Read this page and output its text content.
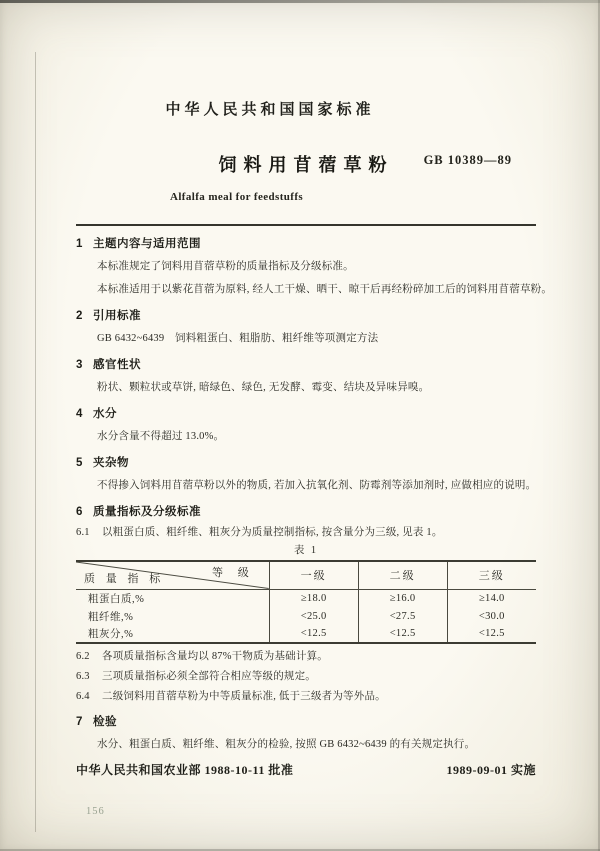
中华人民共和国国家标准
饲料用苜蓿草粉	GB 10389—89
Alfalfa meal for feedstuffs
1 主题内容与适用范围

本标准规定了饲料用苜蓿草粉的质量指标及分级标准。

本标准适用于以紫花苜蓿为原料, 经人工干燥、晒干、晾干后再经粉碎加工后的饲料用苜蓿草粉。

2 引用标准

GB 6432~6439　饲料粗蛋白、粗脂肪、粗纤维等项测定方法

3 感官性状

粉状、颗粒状或草饼, 暗绿色、绿色, 无发酵、霉变、结块及异味异嗅。

4 水分

水分含量不得超过 13.0%。

5 夹杂物

不得掺入饲料用苜蓿草粉以外的物质, 若加入抗氧化剂、防霉剂等添加剂时, 应做相应的说明。

6 质量指标及分级标准

6.1 以粗蛋白质、粗纤维、粗灰分为质量控制指标, 按含量分为三级, 见表 1。

表 1
等 级
质 量 指 标	一级	二级	三级
粗蛋白质,%	≥18.0	≥16.0	≥14.0
粗纤维,%	<25.0	<27.5	<30.0
粗灰分,%	<12.5	<12.5	<12.5

6.2 各项质量指标含量均以 87%干物质为基础计算。

6.3 三项质量指标必须全部符合相应等级的规定。

6.4 二级饲料用苜蓿草粉为中等质量标准, 低于三级者为等外品。

7 检验

水分、粗蛋白质、粗纤维、粗灰分的检验, 按照 GB 6432~6439 的有关规定执行。

中华人民共和国农业部 1988-10-11 批准	1989-09-01 实施
156
